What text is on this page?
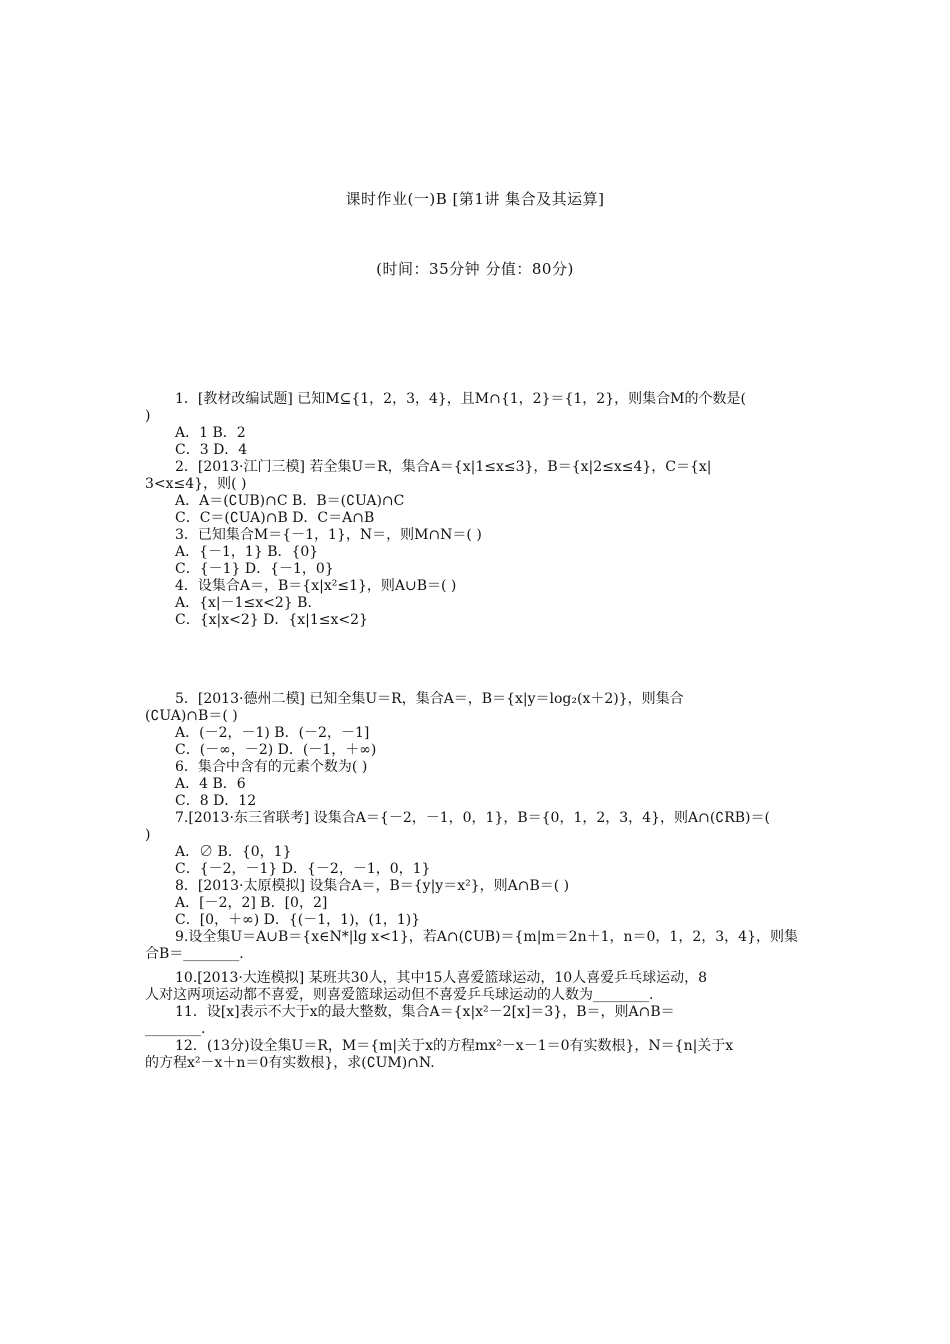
课时作业(一)B [第1讲 集合及其运算]
(时间：35分钟 分值：80分)
1．[教材改编试题] 已知M⊆{1，2，3，4}，且M∩{1，2}＝{1，2}，则集合M的个数是(
)
A．1 B．2
C．3 D．4
2．[2013·江门三模] 若全集U＝R，集合A＝{x|1≤x≤3}，B＝{x|2≤x≤4}，C＝{x|
3<x≤4}，则( )
A．A＝(∁UB)∩C B．B＝(∁UA)∩C
C．C＝(∁UA)∩B D．C＝A∩B
3．已知集合M＝{－1，1}，N＝，则M∩N＝( )
A．{－1，1} B．{0}
C．{－1} D．{－1，0}
4．设集合A＝，B＝{x|x²≤1}，则A∪B＝( )
A．{x|－1≤x<2} B．
C．{x|x<2} D．{x|1≤x<2}
5．[2013·德州二模] 已知全集U＝R，集合A＝，B＝{x|y＝log₂(x＋2)}，则集合
(∁UA)∩B＝( )
A．(－2，－1) B．(－2，－1]
C．(－∞，－2) D．(－1，＋∞)
6．集合中含有的元素个数为( )
A．4 B．6
C．8 D．12
7.[2013·东三省联考] 设集合A＝{－2，－1，0，1}，B＝{0，1，2，3，4}，则A∩(∁RB)＝(
)
A．∅ B．{0，1}
C．{－2，－1} D．{－2，－1，0，1}
8．[2013·太原模拟] 设集合A＝，B＝{y|y＝x²}，则A∩B＝( )
A．[－2，2] B．[0，2]
C．[0，＋∞) D．{(－1，1)，(1，1)}
9.设全集U＝A∪B＝{x∈N*|lg x<1}，若A∩(∁UB)＝{m|m＝2n＋1，n＝0，1，2，3，4}，则集
合B＝________.
10.[2013·大连模拟] 某班共30人，其中15人喜爱篮球运动，10人喜爱乒乓球运动，8
人对这两项运动都不喜爱，则喜爱篮球运动但不喜爱乒乓球运动的人数为________.
11．设[x]表示不大于x的最大整数，集合A＝{x|x²－2[x]＝3}，B＝，则A∩B＝
________.
12．(13分)设全集U＝R，M＝{m|关于x的方程mx²－x－1＝0有实数根}，N＝{n|关于x
的方程x²－x＋n＝0有实数根}，求(∁UM)∩N.
